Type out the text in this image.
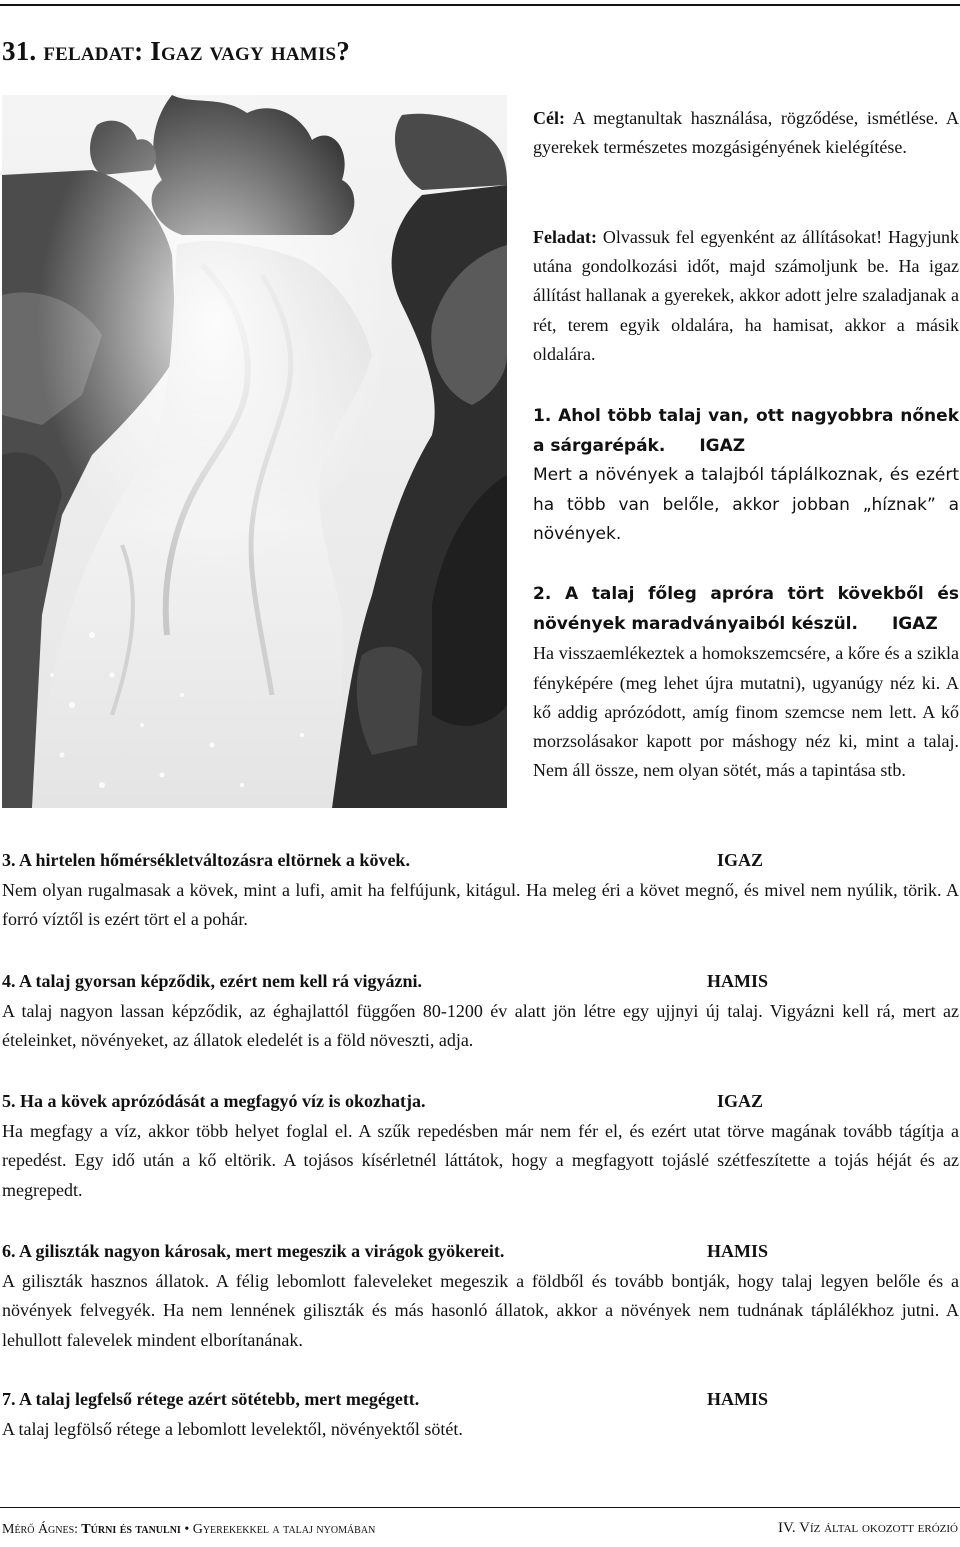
31. feladat: Igaz vagy hamis?

Cél: A megtanultak használása, rögződése, ismétlése. A gyerekek természetes mozgásigényének kielégítése.

Feladat: Olvassuk fel egyenként az állításokat! Hagyjunk utána gondolkozási időt, majd számoljunk be. Ha igaz állítást hallanak a gyerekek, akkor adott jelre szaladjanak a rét, terem egyik oldalára, ha hamisat, akkor a másik oldalára.

1. Ahol több talaj van, ott nagyobbra nőnek a sárgarépák. IGAZ

Mert a növények a talajból táplálkoznak, és ezért ha több van belőle, akkor jobban „híznak” a növények.

2. A talaj főleg apróra tört kövekből és növények maradványaiból készül. IGAZ

Ha visszaemlékeztek a homokszemcsére, a kőre és a szikla fényképére (meg lehet újra mutatni), ugyanúgy néz ki. A kő addig aprózódott, amíg finom szemcse nem lett. A kő morzsolásakor kapott por máshogy néz ki, mint a talaj. Nem áll össze, nem olyan sötét, más a tapintása stb.

3. A hirtelen hőmérsékletváltozásra eltörnek a kövek.	IGAZ

Nem olyan rugalmasak a kövek, mint a lufi, amit ha felfújunk, kitágul. Ha meleg éri a követ megnő, és mivel nem nyúlik, törik. A forró víztől is ezért tört el a pohár.

4. A talaj gyorsan képződik, ezért nem kell rá vigyázni.	HAMIS

A talaj nagyon lassan képződik, az éghajlattól függően 80-1200 év alatt jön létre egy ujjnyi új talaj. Vigyázni kell rá, mert az ételeinket, növényeket, az állatok eledelét is a föld növeszti, adja.

5. Ha a kövek aprózódását a megfagyó víz is okozhatja.	IGAZ

Ha megfagy a víz, akkor több helyet foglal el. A szűk repedésben már nem fér el, és ezért utat törve magának tovább tágítja a repedést. Egy idő után a kő eltörik. A tojásos kísérletnél láttátok, hogy a megfagyott tojáslé szétfeszítette a tojás héját és az megrepedt.

6. A giliszták nagyon károsak, mert megeszik a virágok gyökereit.	HAMIS

A giliszták hasznos állatok. A félig lebomlott faleveleket megeszik a földből és tovább bontják, hogy talaj legyen belőle és a növények felvegyék. Ha nem lennének giliszták és más hasonló állatok, akkor a növények nem tudnának táplálékhoz jutni. A lehullott falevelek mindent elborítanának.

7. A talaj legfelső rétege azért sötétebb, mert megégett.	HAMIS

A talaj legfölső rétege a lebomlott levelektől, növényektől sötét.

Mérő Ágnes: Túrni és tanulni • Gyerekekkel a talaj nyomában	IV. Víz által okozott erózió
